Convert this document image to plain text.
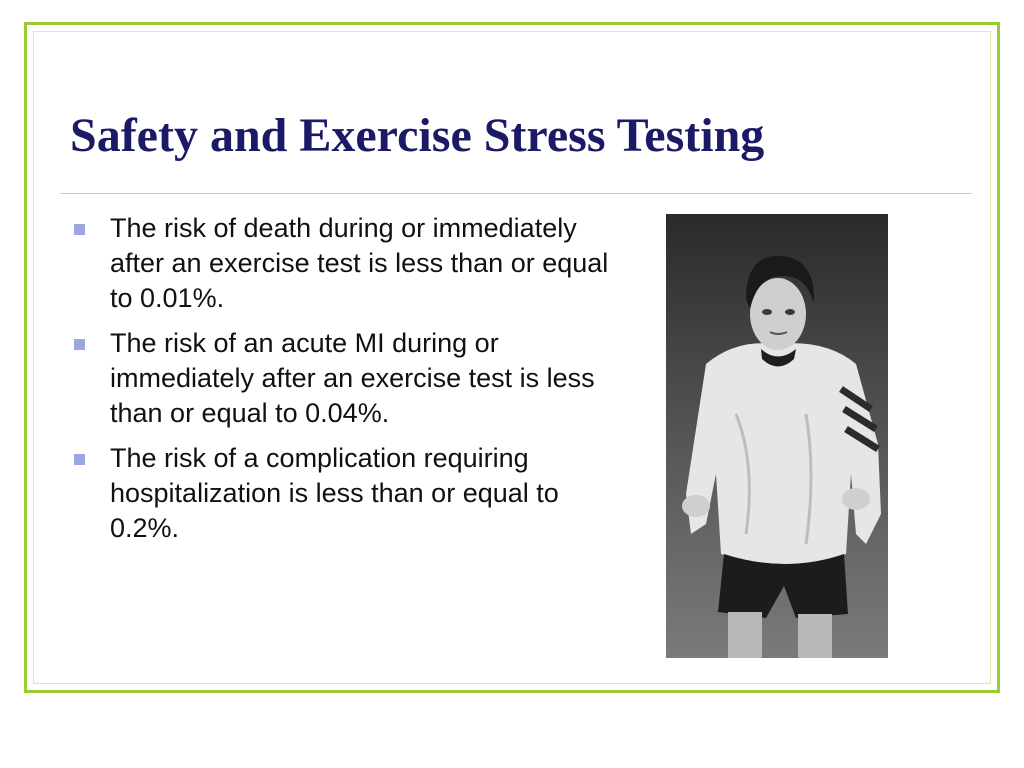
Safety and Exercise Stress Testing
The risk of death during or immediately after an exercise test is less than or equal to 0.01%.
The risk of an acute MI during or immediately after an exercise test is less than or equal to 0.04%.
The risk of a complication requiring hospitalization is less than or equal to 0.2%.
